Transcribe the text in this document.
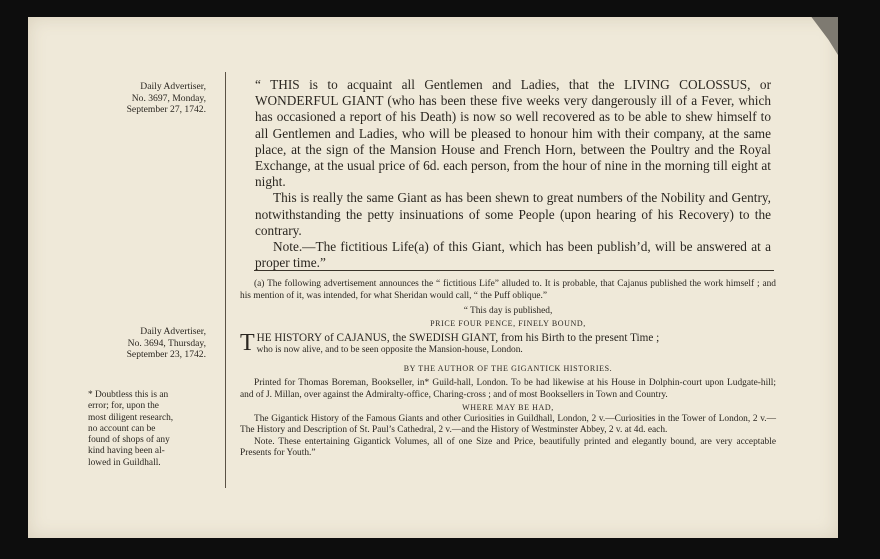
Daily Advertiser,
No. 3697, Monday,
September 27, 1742.
Daily Advertiser,
No. 3694, Thursday,
September 23, 1742.
* Doubtless this is an
error; for, upon the
most diligent research,
no account can be
found of shops of any
kind having been al-
lowed in Guildhall.

“ THIS is to acquaint all Gentlemen and Ladies, that the LIVING COLOSSUS, or WONDERFUL GIANT (who has been these five weeks very dangerously ill of a Fever, which has occasioned a report of his Death) is now so well recovered as to be able to shew himself to all Gentlemen and Ladies, who will be pleased to honour him with their company, at the same place, at the sign of the Mansion House and French Horn, between the Poultry and the Royal Exchange, at the usual price of 6d. each person, from the hour of nine in the morning till eight at night.

This is really the same Giant as has been shewn to great numbers of the Nobility and Gentry, notwithstanding the petty insinuations of some People (upon hearing of his Recovery) to the contrary.

Note.—The fictitious Life(a) of this Giant, which has been publish’d, will be answered at a proper time.”

(a) The following advertisement announces the “ fictitious Life” alluded to. It is probable, that Cajanus published the work himself ; and his mention of it, was intended, for what Sheridan would call, “ the Puff oblique.”

“ This day is published,

PRICE FOUR PENCE, FINELY BOUND,

T HE HISTORY of CAJANUS, the SWEDISH GIANT, from his Birth to the present Time ;
who is now alive, and to be seen opposite the Mansion-house, London.

BY THE AUTHOR OF THE GIGANTICK HISTORIES.

Printed for Thomas Boreman, Bookseller, in* Guild-hall, London. To be had likewise at his House in Dolphin-court upon Ludgate-hill; and of J. Millan, over against the Admiralty-office, Charing-cross ; and of most Booksellers in Town and Country.

WHERE MAY BE HAD,

The Gigantick History of the Famous Giants and other Curiosities in Guildhall, London, 2 v.—Curiosities in the Tower of London, 2 v.—The History and Description of St. Paul’s Cathedral, 2 v.—and the History of Westminster Abbey, 2 v. at 4d. each.

Note. These entertaining Gigantick Volumes, all of one Size and Price, beautifully printed and elegantly bound, are very acceptable Presents for Youth.”
